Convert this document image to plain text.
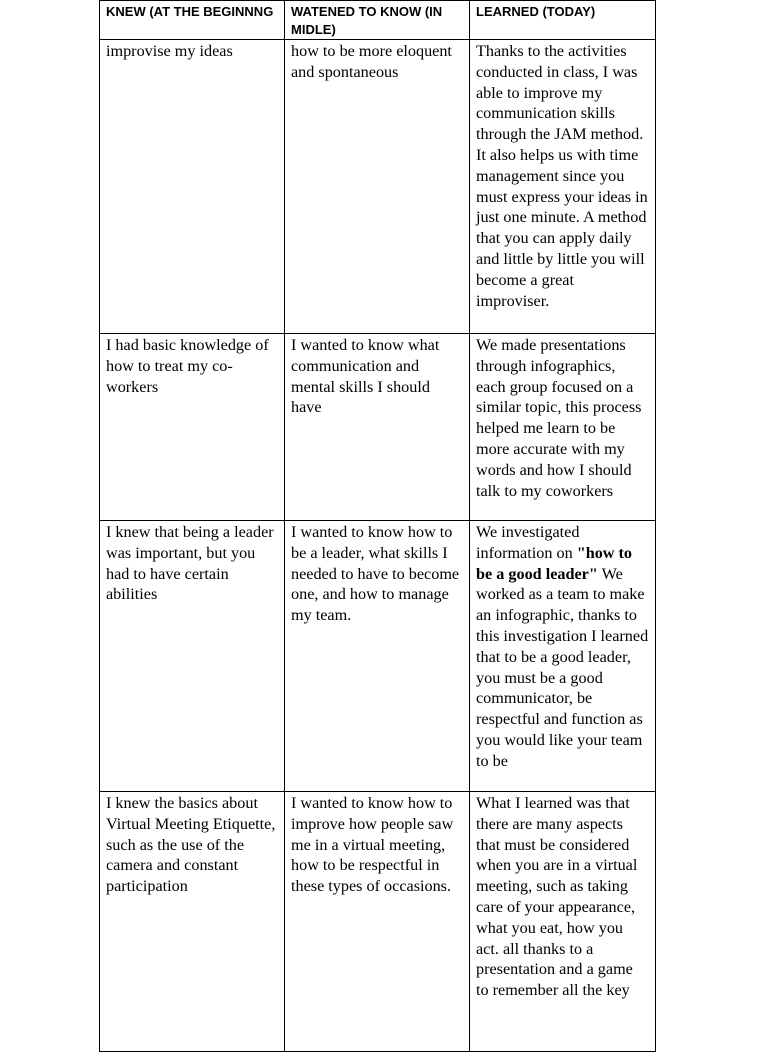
KNEW (AT THE BEGINNNG	WATENED TO KNOW (IN MIDLE)	LEARNED (TODAY)
improvise my ideas	how to be more eloquent and spontaneous	Thanks to the activities conducted in class, I was able to improve my communication skills through the JAM method. It also helps us with time management since you must express your ideas in just one minute. A method that you can apply daily and little by little you will become a great improviser.
I had basic knowledge of how to treat my co-workers	I wanted to know what communication and mental skills I should have	We made presentations through infographics, each group focused on a similar topic, this process helped me learn to be more accurate with my words and how I should talk to my coworkers
I knew that being a leader was important, but you had to have certain abilities	I wanted to know how to be a leader, what skills I needed to have to become one, and how to manage my team.	We investigated information on "how to be a good leader" We worked as a team to make an infographic, thanks to this investigation I learned that to be a good leader, you must be a good communicator, be respectful and function as you would like your team to be
I knew the basics about Virtual Meeting Etiquette, such as the use of the camera and constant participation	I wanted to know how to improve how people saw me in a virtual meeting, how to be respectful in these types of occasions.	What I learned was that there are many aspects that must be considered when you are in a virtual meeting, such as taking care of your appearance, what you eat, how you act. all thanks to a presentation and a game to remember all the key
